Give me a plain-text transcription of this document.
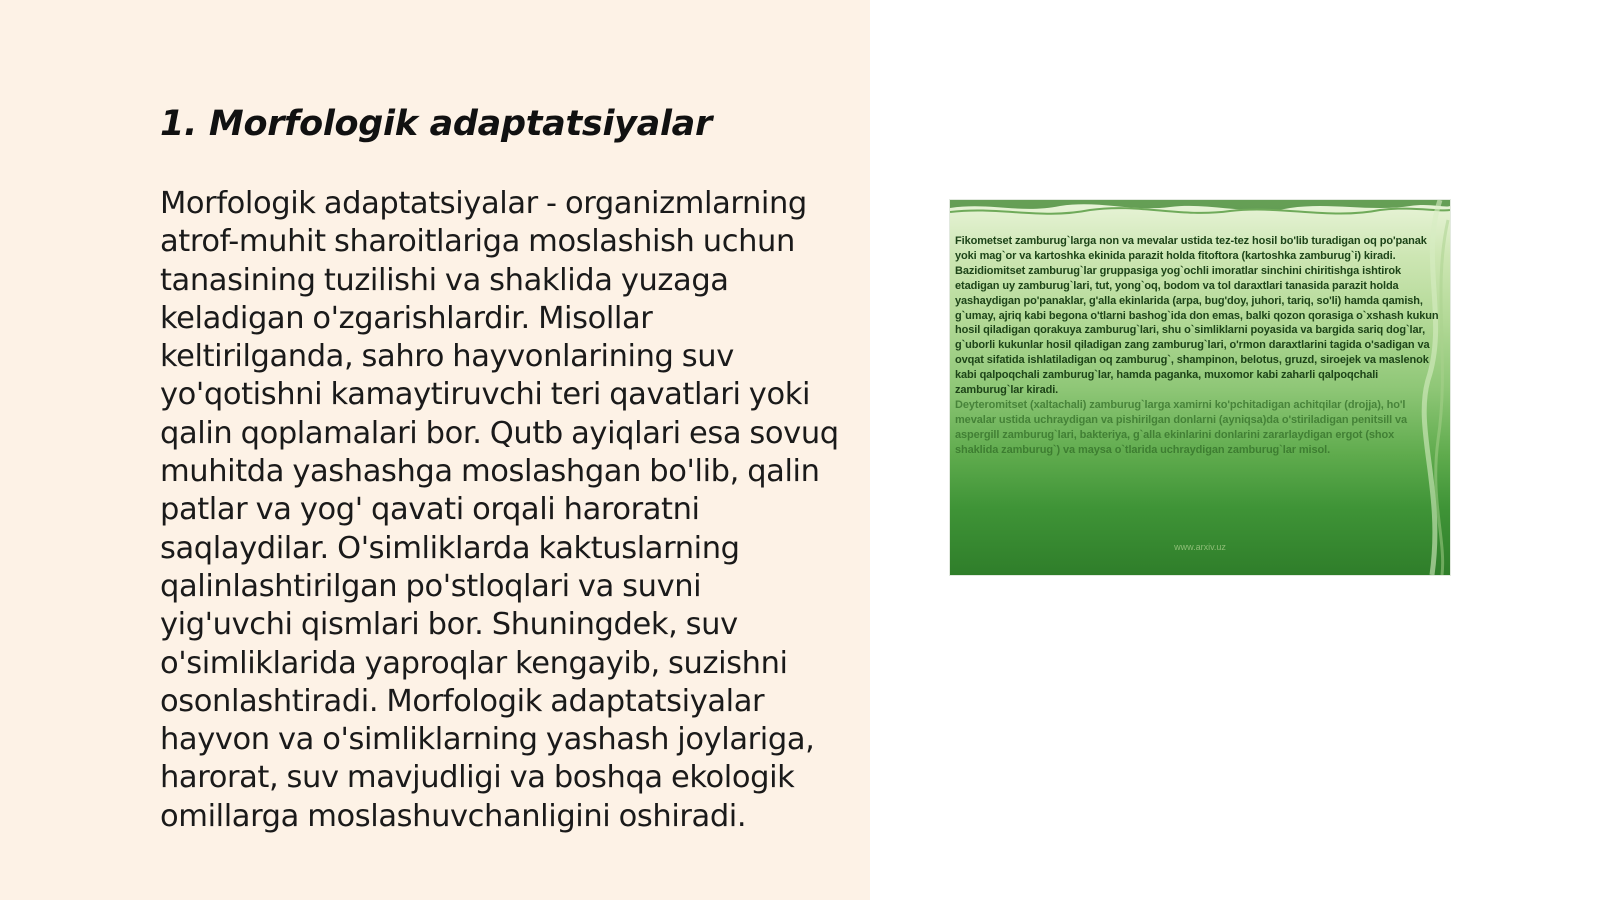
1. Morfologik adaptatsiyalar

Morfologik adaptatsiyalar - organizmlarning atrof-muhit sharoitlariga moslashish uchun tanasining tuzilishi va shaklida yuzaga keladigan o'zgarishlardir. Misollar keltirilganda, sahro hayvonlarining suv yo'qotishni kamaytiruvchi teri qavatlari yoki qalin qoplamalari bor. Qutb ayiqlari esa sovuq muhitda yashashga moslashgan bo'lib, qalin patlar va yog' qavati orqali haroratni saqlaydilar. O'simliklarda kaktuslarning qalinlashtirilgan po'stloqlari va suvni yig'uvchi qismlari bor. Shuningdek, suv o'simliklarida yaproqlar kengayib, suzishni osonlashtiradi. Morfologik adaptatsiyalar hayvon va o'simliklarning yashash joylariga, harorat, suv mavjudligi va boshqa ekologik omillarga moslashuvchanligini oshiradi.

Fikometset zamburug`larga non va mevalar ustida tez-tez hosil bo'lib turadigan oq po'panak yoki mag`or va kartoshka ekinida parazit holda fitoftora (kartoshka zamburug`i) kiradi.
Bazidiomitset zamburug`lar gruppasiga yog`ochli imoratlar sinchini chiritishga ishtirok etadigan uy zamburug`lari, tut, yong`oq, bodom va tol daraxtlari tanasida parazit holda yashaydigan po'panaklar, g'alla ekinlarida (arpa, bug'doy, juhori, tariq, so'li) hamda qamish, g`umay, ajriq kabi begona o'tlarni bashog`ida don emas, balki qozon qorasiga o`xshash kukun hosil qiladigan qorakuya zamburug`lari, shu o`simliklarni poyasida va bargida sariq dog`lar, g`uborli kukunlar hosil qiladigan zang zamburug`lari, o'rmon daraxtlarini tagida o'sadigan va ovqat sifatida ishlatiladigan oq zamburug`, shampinon, belotus, gruzd, siroejek va maslenok kabi qalpoqchali zamburug`lar, hamda paganka, muxomor kabi zaharli qalpoqchali zamburug`lar kiradi.
Deyteromitset (xaltachali) zamburug`larga xamirni ko'pchitadigan achitqilar (drojja), ho'l mevalar ustida uchraydigan va pishirilgan donlarni (ayniqsa)da o'stiriladigan penitsill va aspergill zamburug`lari, bakteriya, g`alla ekinlarini donlarini zararlaydigan ergot (shox shaklida zamburug`) va maysa o`tlarida uchraydigan zamburug`lar misol.
www.arxiv.uz
